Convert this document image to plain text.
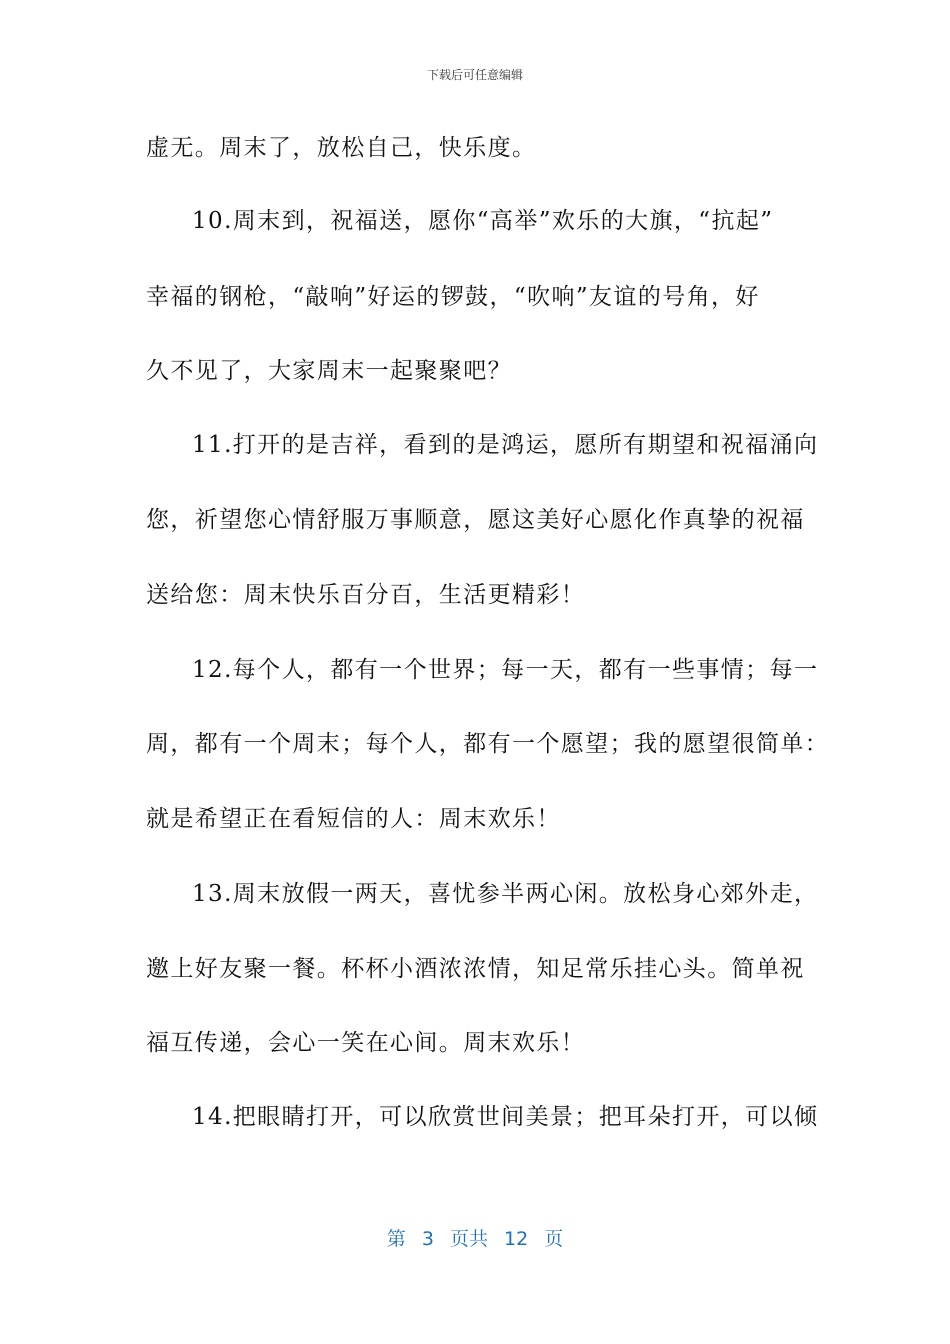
下载后可任意编辑
虚无。周末了，放松自己，快乐度。
10.周末到，祝福送，愿你“高举”欢乐的大旗，“抗起”
幸福的钢枪，“敲响”好运的锣鼓，“吹响”友谊的号角，好
久不见了，大家周末一起聚聚吧？
11.打开的是吉祥，看到的是鸿运，愿所有期望和祝福涌向
您，祈望您心情舒服万事顺意，愿这美好心愿化作真挚的祝福
送给您：周末快乐百分百，生活更精彩！
12.每个人，都有一个世界；每一天，都有一些事情；每一
周，都有一个周末；每个人，都有一个愿望；我的愿望很简单：
就是希望正在看短信的人：周末欢乐！
13.周末放假一两天，喜忧参半两心闲。放松身心郊外走，
邀上好友聚一餐。杯杯小酒浓浓情，知足常乐挂心头。简单祝
福互传递，会心一笑在心间。周末欢乐！
14.把眼睛打开，可以欣赏世间美景；把耳朵打开，可以倾
第 3 页共 12 页
